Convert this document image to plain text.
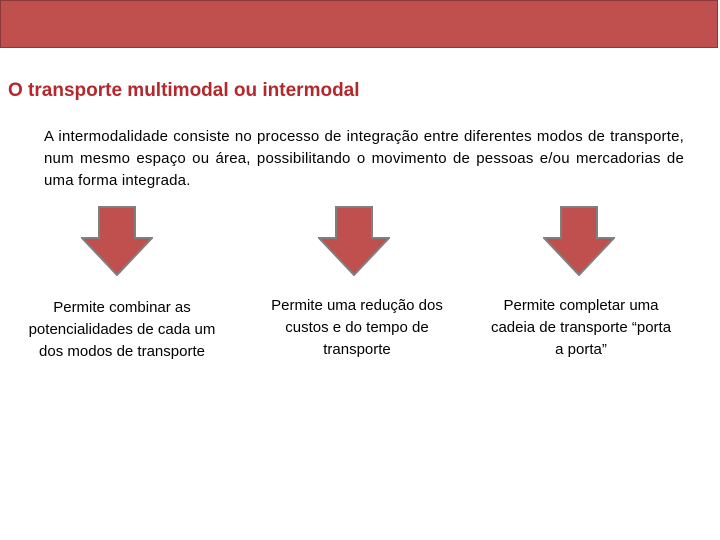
O transporte multimodal ou intermodal
A intermodalidade consiste no processo de integração entre diferentes modos de transporte, num mesmo espaço ou área, possibilitando o movimento de pessoas e/ou mercadorias de uma forma integrada.
Permite combinar as potencialidades de cada um dos modos de transporte
Permite uma redução dos custos e do tempo de transporte
Permite completar uma cadeia de transporte “porta a porta”
